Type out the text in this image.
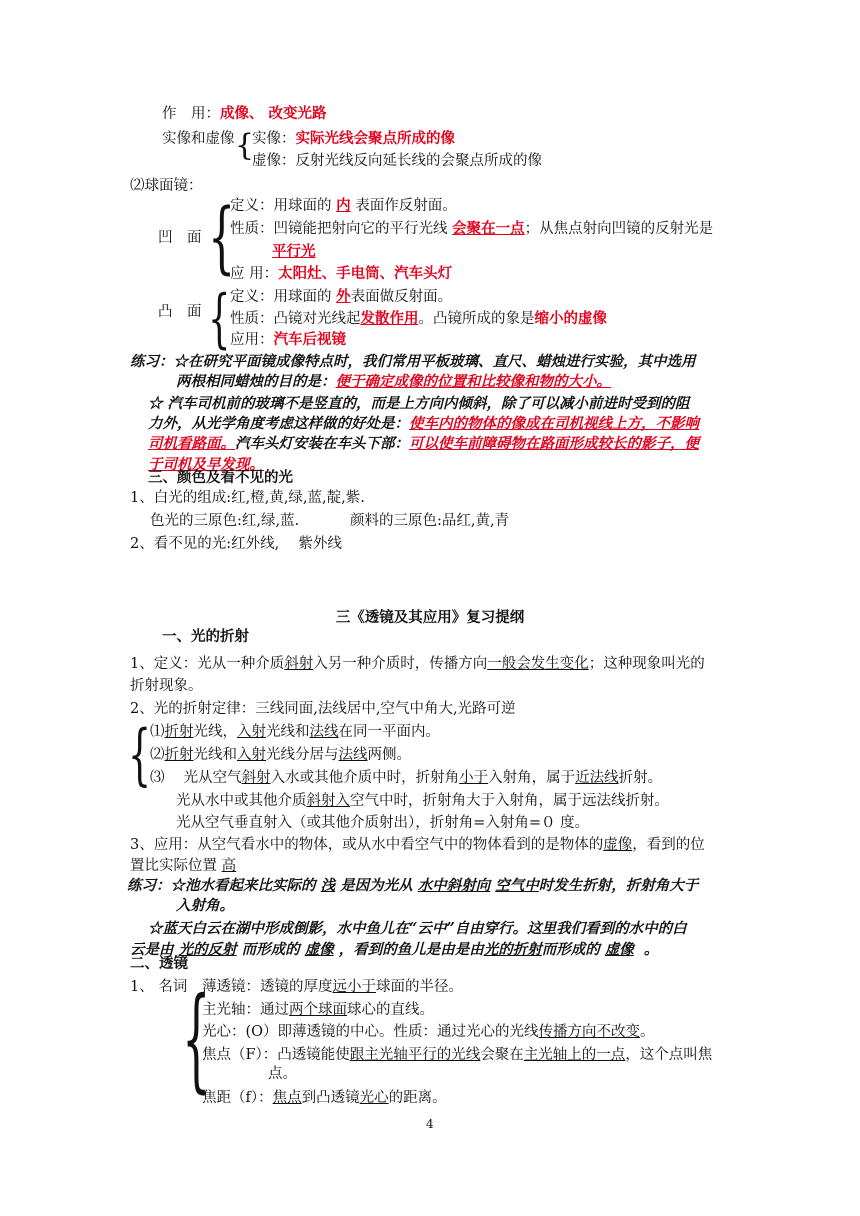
作　用：成像、 改变光路
实像和虚像 {
实像：实际光线会聚点所成的像
虚像：反射光线反向延长线的会聚点所成的像
⑵球面镜：
{
凹　面
定义：用球面的 内 表面作反射面。
性质：凹镜能把射向它的平行光线 会聚在一点；从焦点射向凹镜的反射光是
平行光
应 用：太阳灶、手电筒、汽车头灯
{
凸　面
定义：用球面的 外表面做反射面。
性质：凸镜对光线起发散作用。凸镜所成的象是缩小的虚像
应用：汽车后视镜
练习：☆在研究平面镜成像特点时，我们常用平板玻璃、直尺、蜡烛进行实验，其中选用
两根相同蜡烛的目的是：便于确定成像的位置和比较像和物的大小。
☆ 汽车司机前的玻璃不是竖直的，而是上方向内倾斜，除了可以减小前进时受到的阻
力外，从光学角度考虑这样做的好处是：使车内的物体的像成在司机视线上方，不影响
司机看路面。汽车头灯安装在车头下部：可以使车前障碍物在路面形成较长的影子，便
于司机及早发现。
三、颜色及看不见的光
1、白光的组成:红,橙,黄,绿,蓝,靛,紫.
色光的三原色:红,绿,蓝.	颜料的三原色:品红,黄,青
2、看不见的光:红外线,　 紫外线
三《透镜及其应用》复习提纲
一、光的折射
1、定义：光从一种介质斜射入另一种介质时，传播方向一般会发生变化；这种现象叫光的
折射现象。
2、光的折射定律：三线同面,法线居中,空气中角大,光路可逆
{
⑴折射光线，入射光线和法线在同一平面内。
⑵折射光线和入射光线分居与法线两侧。
⑶　 光从空气斜射入水或其他介质中时，折射角小于入射角，属于近法线折射。
光从水中或其他介质斜射入空气中时，折射角大于入射角，属于远法线折射。
光从空气垂直射入（或其他介质射出），折射角=入射角=０ 度。
3、应用：从空气看水中的物体，或从水中看空气中的物体看到的是物体的虚像，看到的位
置比实际位置 高
练习：☆池水看起来比实际的 浅 是因为光从 水中斜射向 空气中时发生折射，折射角大于
入射角。
☆蓝天白云在湖中形成倒影，水中鱼儿在“云中”自由穿行。这里我们看到的水中的白
云是由 光的反射 而形成的 虚像 ，看到的鱼儿是由是由光的折射而形成的 虚像 。
二、透镜
1、 名词
{
薄透镜：透镜的厚度远小于球面的半径。
主光轴：通过两个球面球心的直线。
光心：(O）即薄透镜的中心。性质：通过光心的光线传播方向不改变。
焦点（F）：凸透镜能使跟主光轴平行的光线会聚在主光轴上的一点，这个点叫焦
点。
焦距（f）：焦点到凸透镜光心的距离。
4
